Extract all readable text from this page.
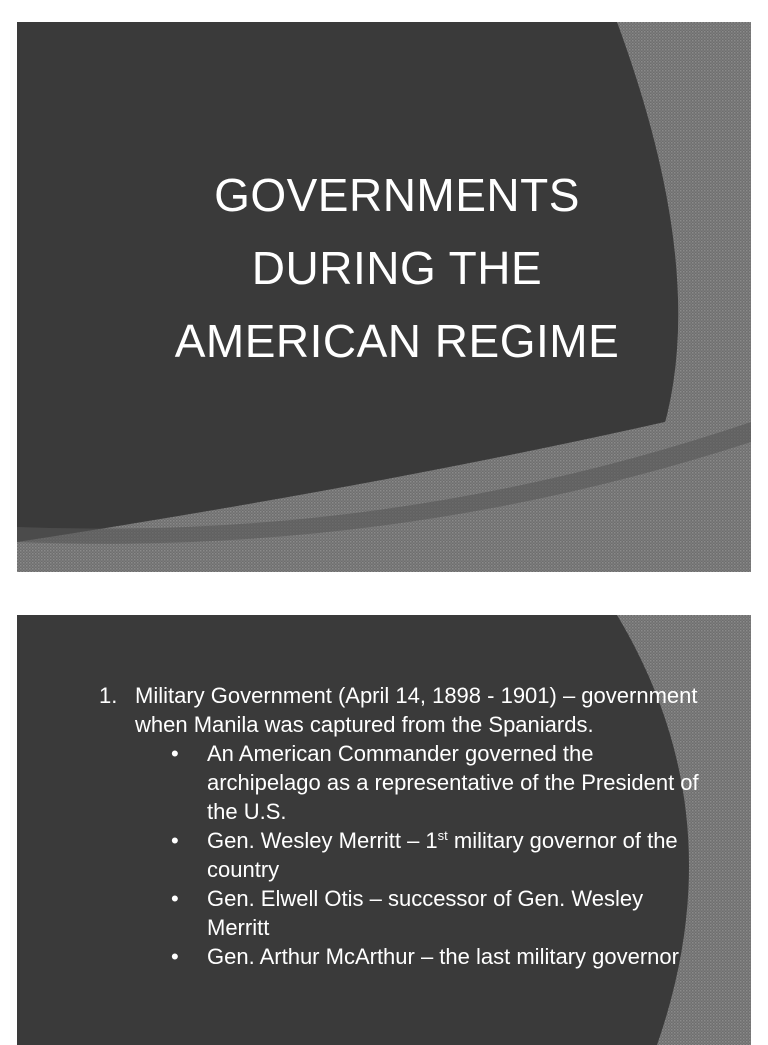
GOVERNMENTS
DURING THE
AMERICAN REGIME
1. Military Government (April 14, 1898 - 1901) – government when Manila was captured from the Spaniards.
• An American Commander governed the archipelago as a representative of the President of the U.S.
• Gen. Wesley Merritt – 1st military governor of the country
• Gen. Elwell Otis – successor of Gen. Wesley Merritt
• Gen. Arthur McArthur – the last military governor
